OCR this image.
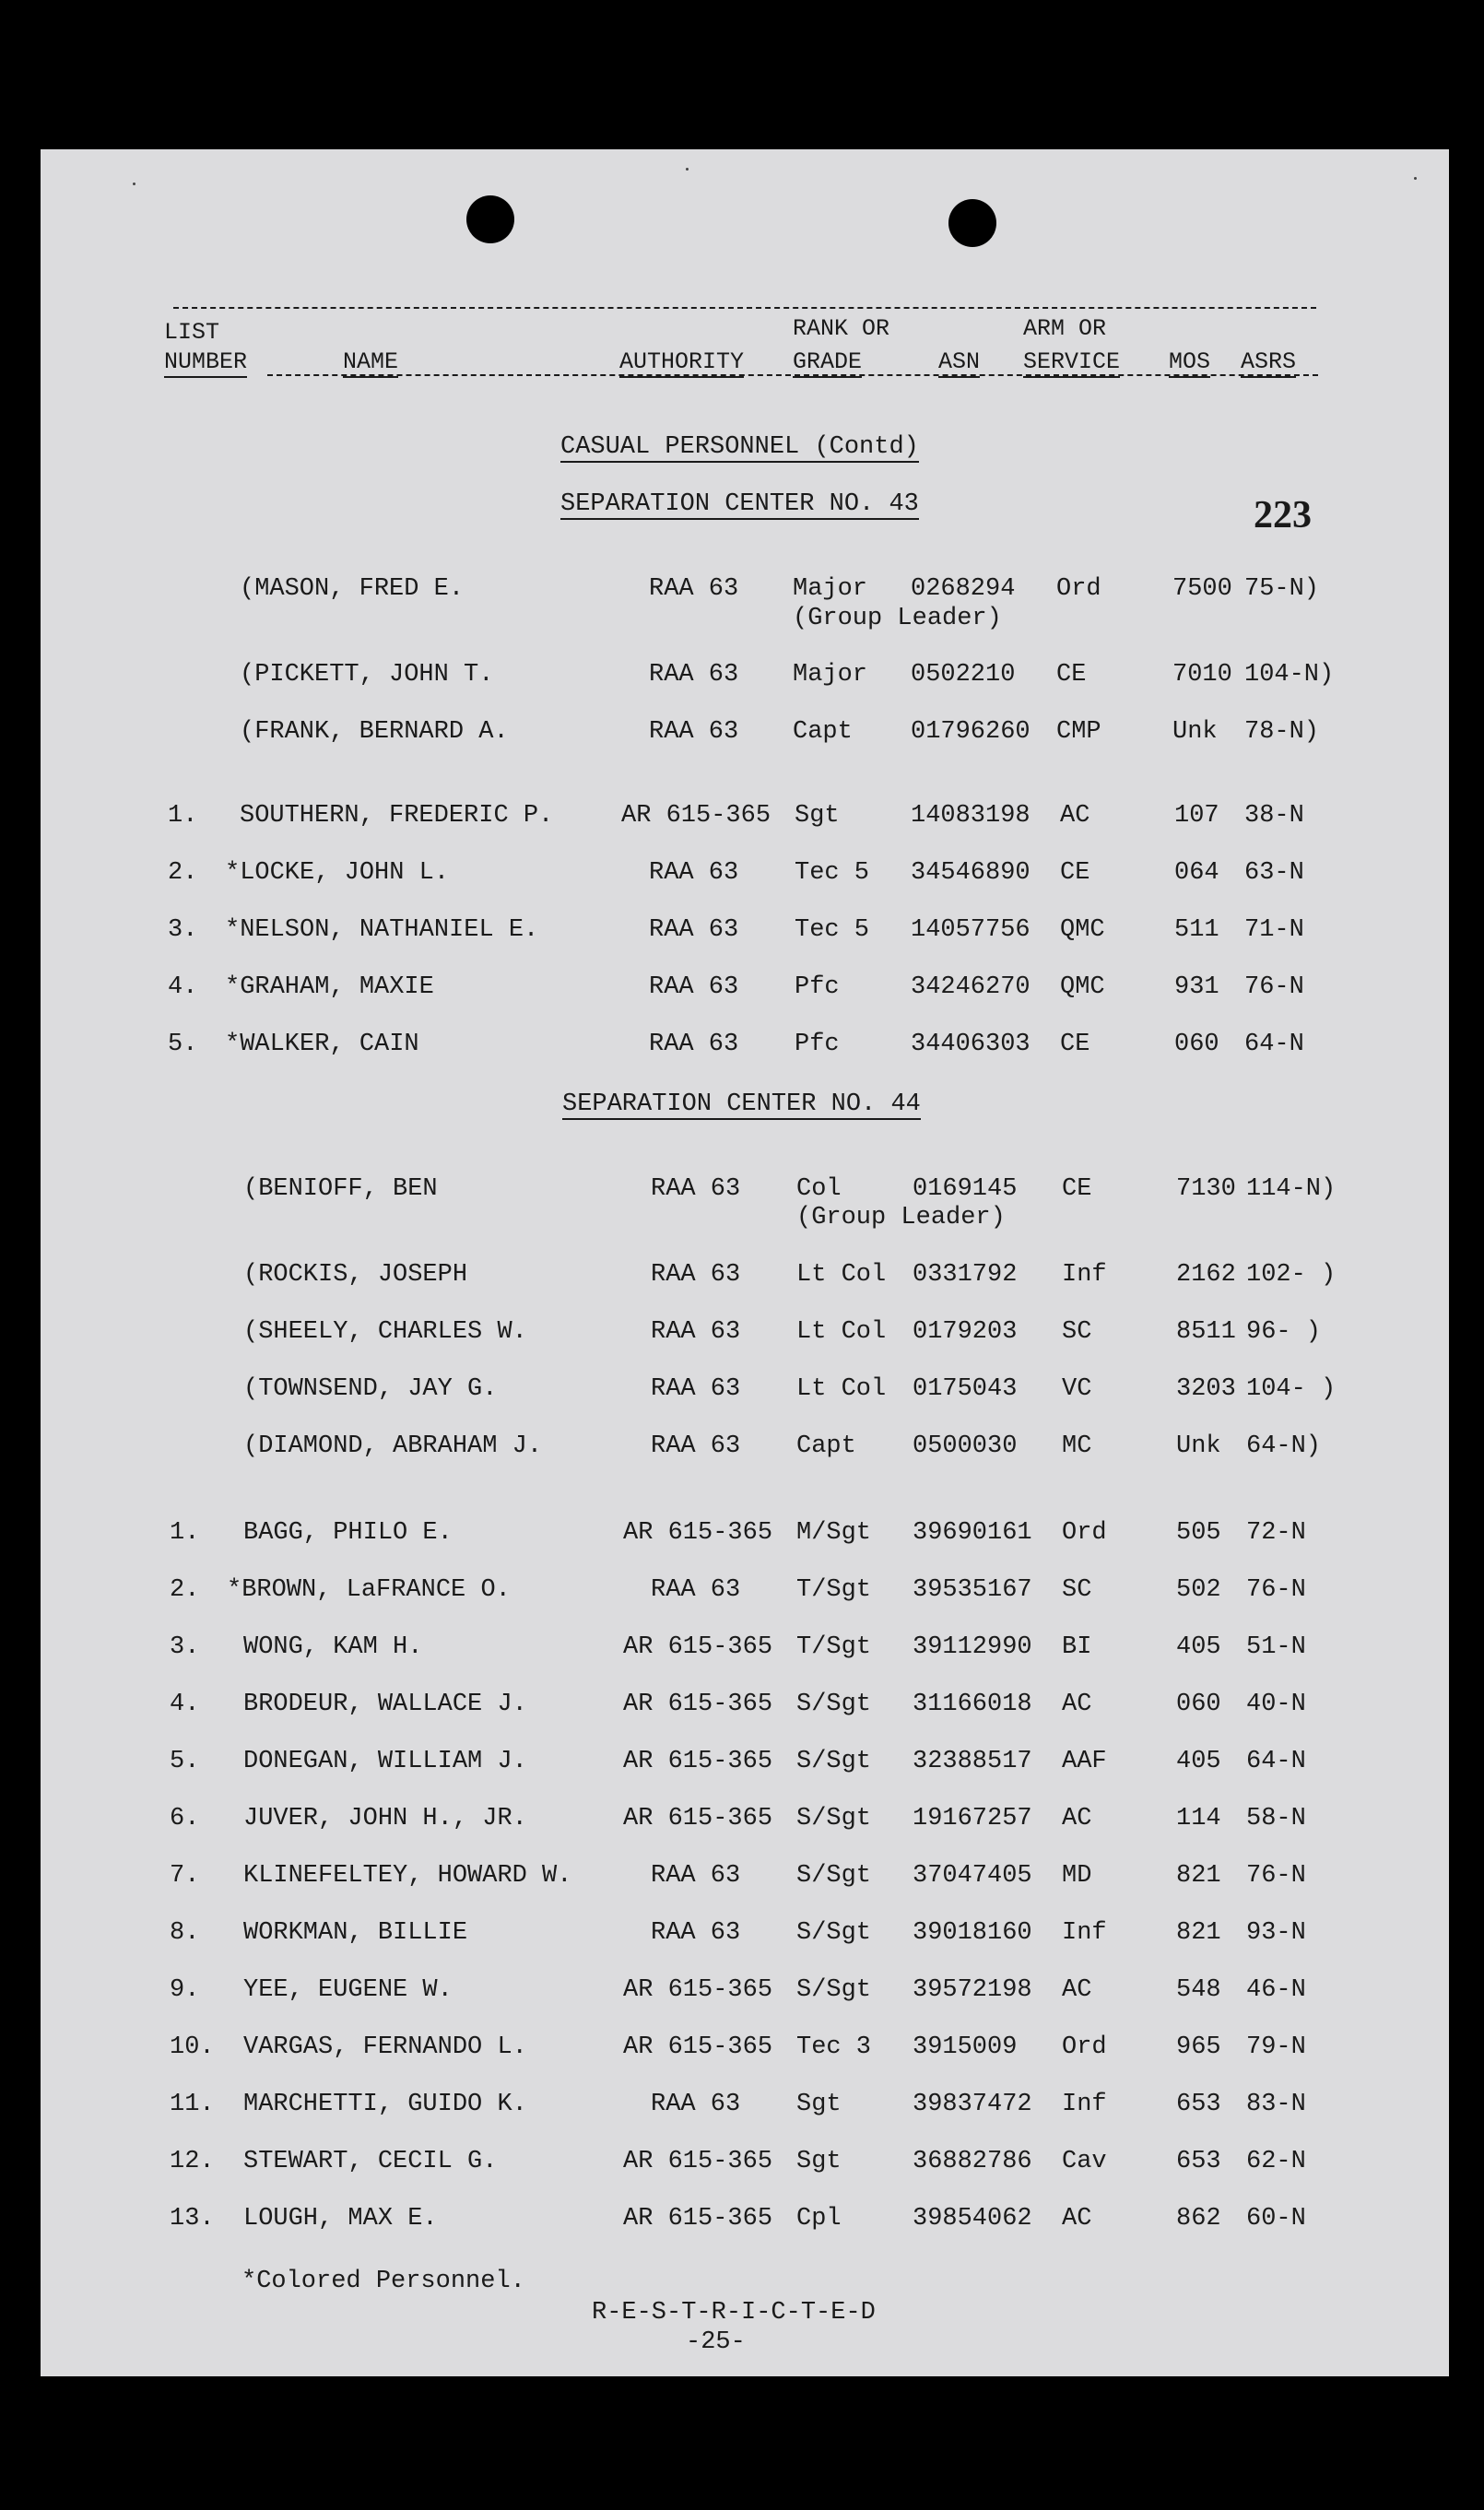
LIST
NUMBER	NAME	AUTHORITY
RANK OR
GRADE	ASN
ARM OR
SERVICE MOS ASRS
CASUAL PERSONNEL (Contd)
SEPARATION CENTER NO. 43	223
(MASON, FRED E.	RAA 63 Major 0268294 Ord	7500 75-N)
(Group Leader)
(PICKETT, JOHN T.	RAA 63 Major 0502210 CE	7010 104-N)
(FRANK, BERNARD A.	RAA 63 Capt 01796260 CMP	Unk 78-N)
1. SOUTHERN, FREDERIC P.	AR 615-365 Sgt	14083198 AC	107 38-N
2. *LOCKE, JOHN L.	RAA 63 Tec 5 34546890 CE	064 63-N
3. *NELSON, NATHANIEL E.	RAA 63 Tec 5 14057756 QMC	511 71-N
4. *GRAHAM, MAXIE	RAA 63 Pfc	34246270 QMC	931 76-N
5. *WALKER, CAIN	RAA 63 Pfc	34406303 CE	060 64-N
SEPARATION CENTER NO. 44
(BENIOFF, BEN	RAA 63 Col	0169145 CE	7130 114-N)
(ROCKIS, JOSEPH	RAA 63 Lt Col 0331792 Inf	2162 102- )
(SHEELY, CHARLES W.	RAA 63 Lt Col 0179203 SC	8511 96- )
(TOWNSEND, JAY G.	RAA 63 Lt Col 0175043 VC	3203 104- )
(DIAMOND, ABRAHAM J.	RAA 63 Capt 0500030 MC	Unk 64-N)
(Group Leader)
1. BAGG, PHILO E.	AR 615-365 M/Sgt 39690161 Ord	505 72-N
2. *BROWN, LaFRANCE O.	RAA 63 T/Sgt 39535167 SC	502 76-N
3. WONG, KAM H.	AR 615-365 T/Sgt 39112990 BI	405 51-N
4. BRODEUR, WALLACE J.	AR 615-365 S/Sgt 31166018 AC	060 40-N
5. DONEGAN, WILLIAM J.	AR 615-365 S/Sgt 32388517 AAF	405 64-N
6. JUVER, JOHN H., JR.	AR 615-365 S/Sgt 19167257 AC	114 58-N
7. KLINEFELTEY, HOWARD W.	RAA 63 S/Sgt 37047405 MD	821 76-N
8. WORKMAN, BILLIE	RAA 63 S/Sgt 39018160 Inf	821 93-N
9. YEE, EUGENE W.	AR 615-365 S/Sgt 39572198 AC	548 46-N
10. VARGAS, FERNANDO L.	AR 615-365 Tec 3 3915009 Ord	965 79-N
11. MARCHETTI, GUIDO K.	RAA 63 Sgt	39837472 Inf	653 83-N
12. STEWART, CECIL G.	AR 615-365 Sgt	36882786 Cav	653 62-N
13. LOUGH, MAX E.	AR 615-365 Cpl	39854062 AC	862 60-N
*Colored Personnel.
R-E-S-T-R-I-C-T-E-D
-25-
